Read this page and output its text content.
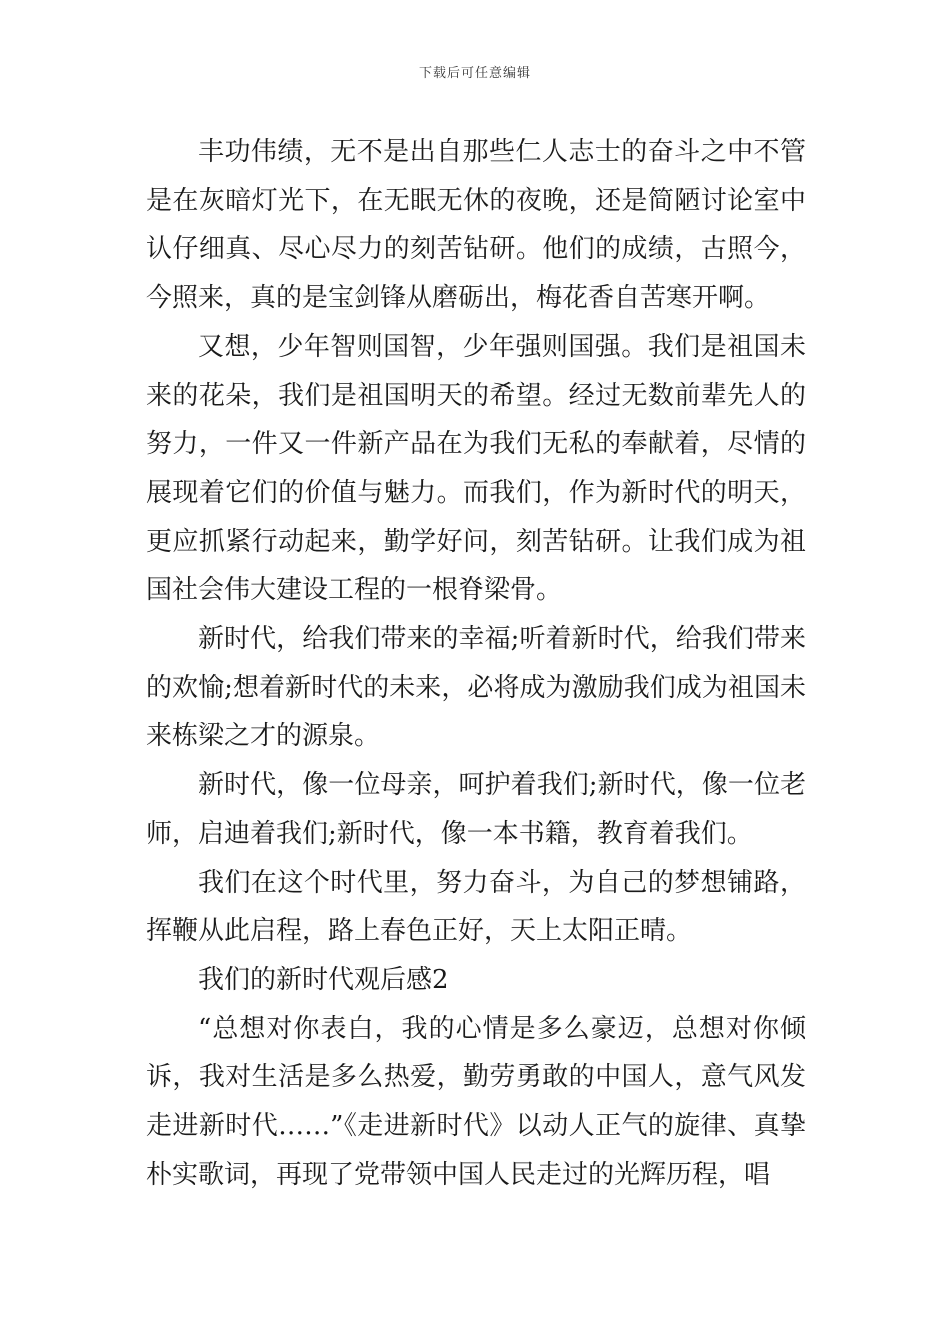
下载后可任意编辑

丰功伟绩，无不是出自那些仁人志士的奋斗之中不管是在灰暗灯光下，在无眠无休的夜晚，还是简陋讨论室中认仔细真、尽心尽力的刻苦钻研。他们的成绩，古照今，今照来，真的是宝剑锋从磨砺出，梅花香自苦寒开啊。

又想，少年智则国智，少年强则国强。我们是祖国未来的花朵，我们是祖国明天的希望。经过无数前辈先人的努力，一件又一件新产品在为我们无私的奉献着，尽情的展现着它们的价值与魅力。而我们，作为新时代的明天，更应抓紧行动起来，勤学好问，刻苦钻研。让我们成为祖国社会伟大建设工程的一根脊梁骨。

新时代，给我们带来的幸福;听着新时代，给我们带来的欢愉;想着新时代的未来，必将成为激励我们成为祖国未来栋梁之才的源泉。

新时代，像一位母亲，呵护着我们;新时代，像一位老师，启迪着我们;新时代，像一本书籍，教育着我们。

我们在这个时代里，努力奋斗，为自己的梦想铺路，挥鞭从此启程，路上春色正好，天上太阳正晴。

我们的新时代观后感2

“总想对你表白，我的心情是多么豪迈，总想对你倾诉，我对生活是多么热爱，勤劳勇敢的中国人，意气风发走进新时代……”《走进新时代》以动人正气的旋律、真挚朴实歌词，再现了党带领中国人民走过的光辉历程，唱
